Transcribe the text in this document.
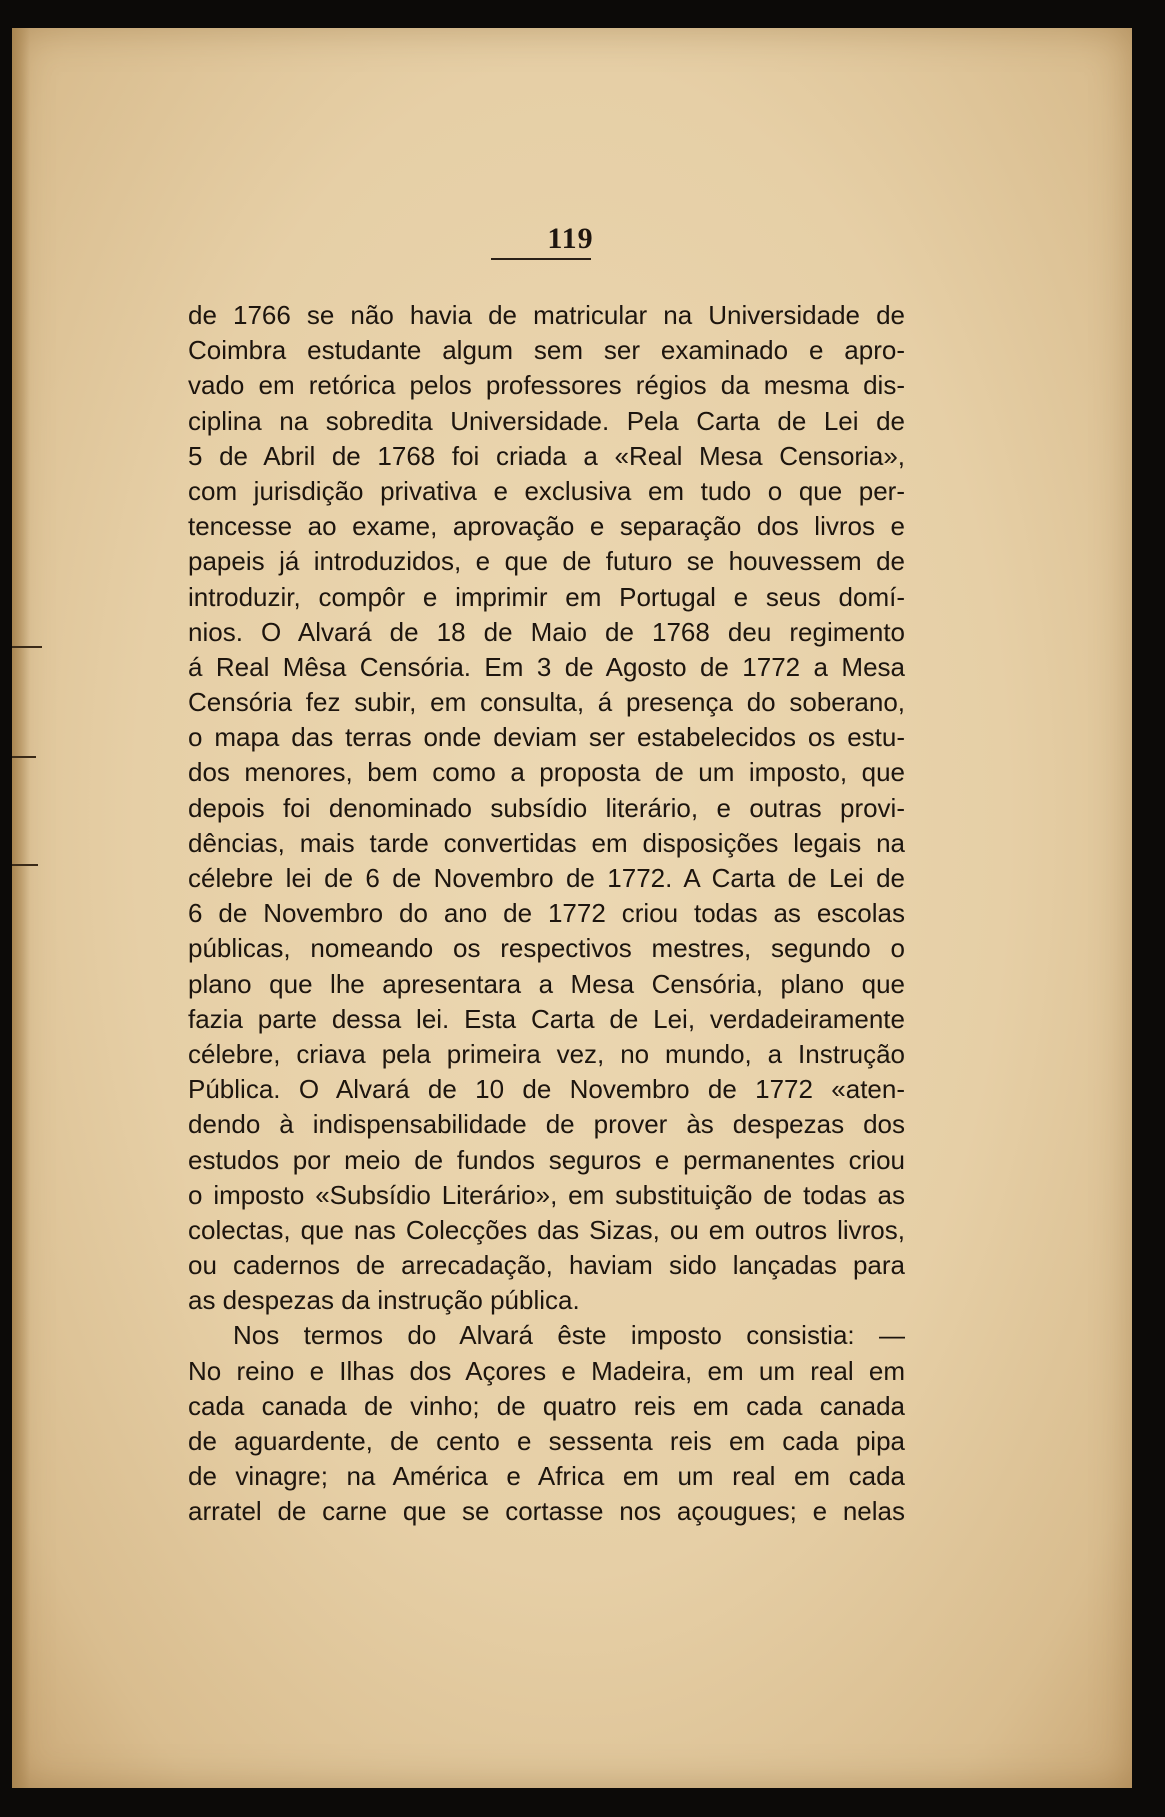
119
de 1766 se não havia de matricular na Universidade de
Coimbra estudante algum sem ser examinado e apro-
vado em retórica pelos professores régios da mesma dis-
ciplina na sobredita Universidade. Pela Carta de Lei de
5 de Abril de 1768 foi criada a «Real Mesa Censoria»,
com jurisdição privativa e exclusiva em tudo o que per-
tencesse ao exame, aprovação e separação dos livros e
papeis já introduzidos, e que de futuro se houvessem de
introduzir, compôr e imprimir em Portugal e seus domí-
nios. O Alvará de 18 de Maio de 1768 deu regimento
á Real Mêsa Censória. Em 3 de Agosto de 1772 a Mesa
Censória fez subir, em consulta, á presença do soberano,
o mapa das terras onde deviam ser estabelecidos os estu-
dos menores, bem como a proposta de um imposto, que
depois foi denominado subsídio literário, e outras provi-
dências, mais tarde convertidas em disposições legais na
célebre lei de 6 de Novembro de 1772. A Carta de Lei de
6 de Novembro do ano de 1772 criou todas as escolas
públicas, nomeando os respectivos mestres, segundo o
plano que lhe apresentara a Mesa Censória, plano que
fazia parte dessa lei. Esta Carta de Lei, verdadeiramente
célebre, criava pela primeira vez, no mundo, a Instrução
Pública. O Alvará de 10 de Novembro de 1772 «aten-
dendo à indispensabilidade de prover às despezas dos
estudos por meio de fundos seguros e permanentes criou
o imposto «Subsídio Literário», em substituição de todas as
colectas, que nas Colecções das Sizas, ou em outros livros,
ou cadernos de arrecadação, haviam sido lançadas para
as despezas da instrução pública.
Nos termos do Alvará êste imposto consistia: —
No reino e Ilhas dos Açores e Madeira, em um real em
cada canada de vinho; de quatro reis em cada canada
de aguardente, de cento e sessenta reis em cada pipa
de vinagre; na América e Africa em um real em cada
arratel de carne que se cortasse nos açougues; e nelas
